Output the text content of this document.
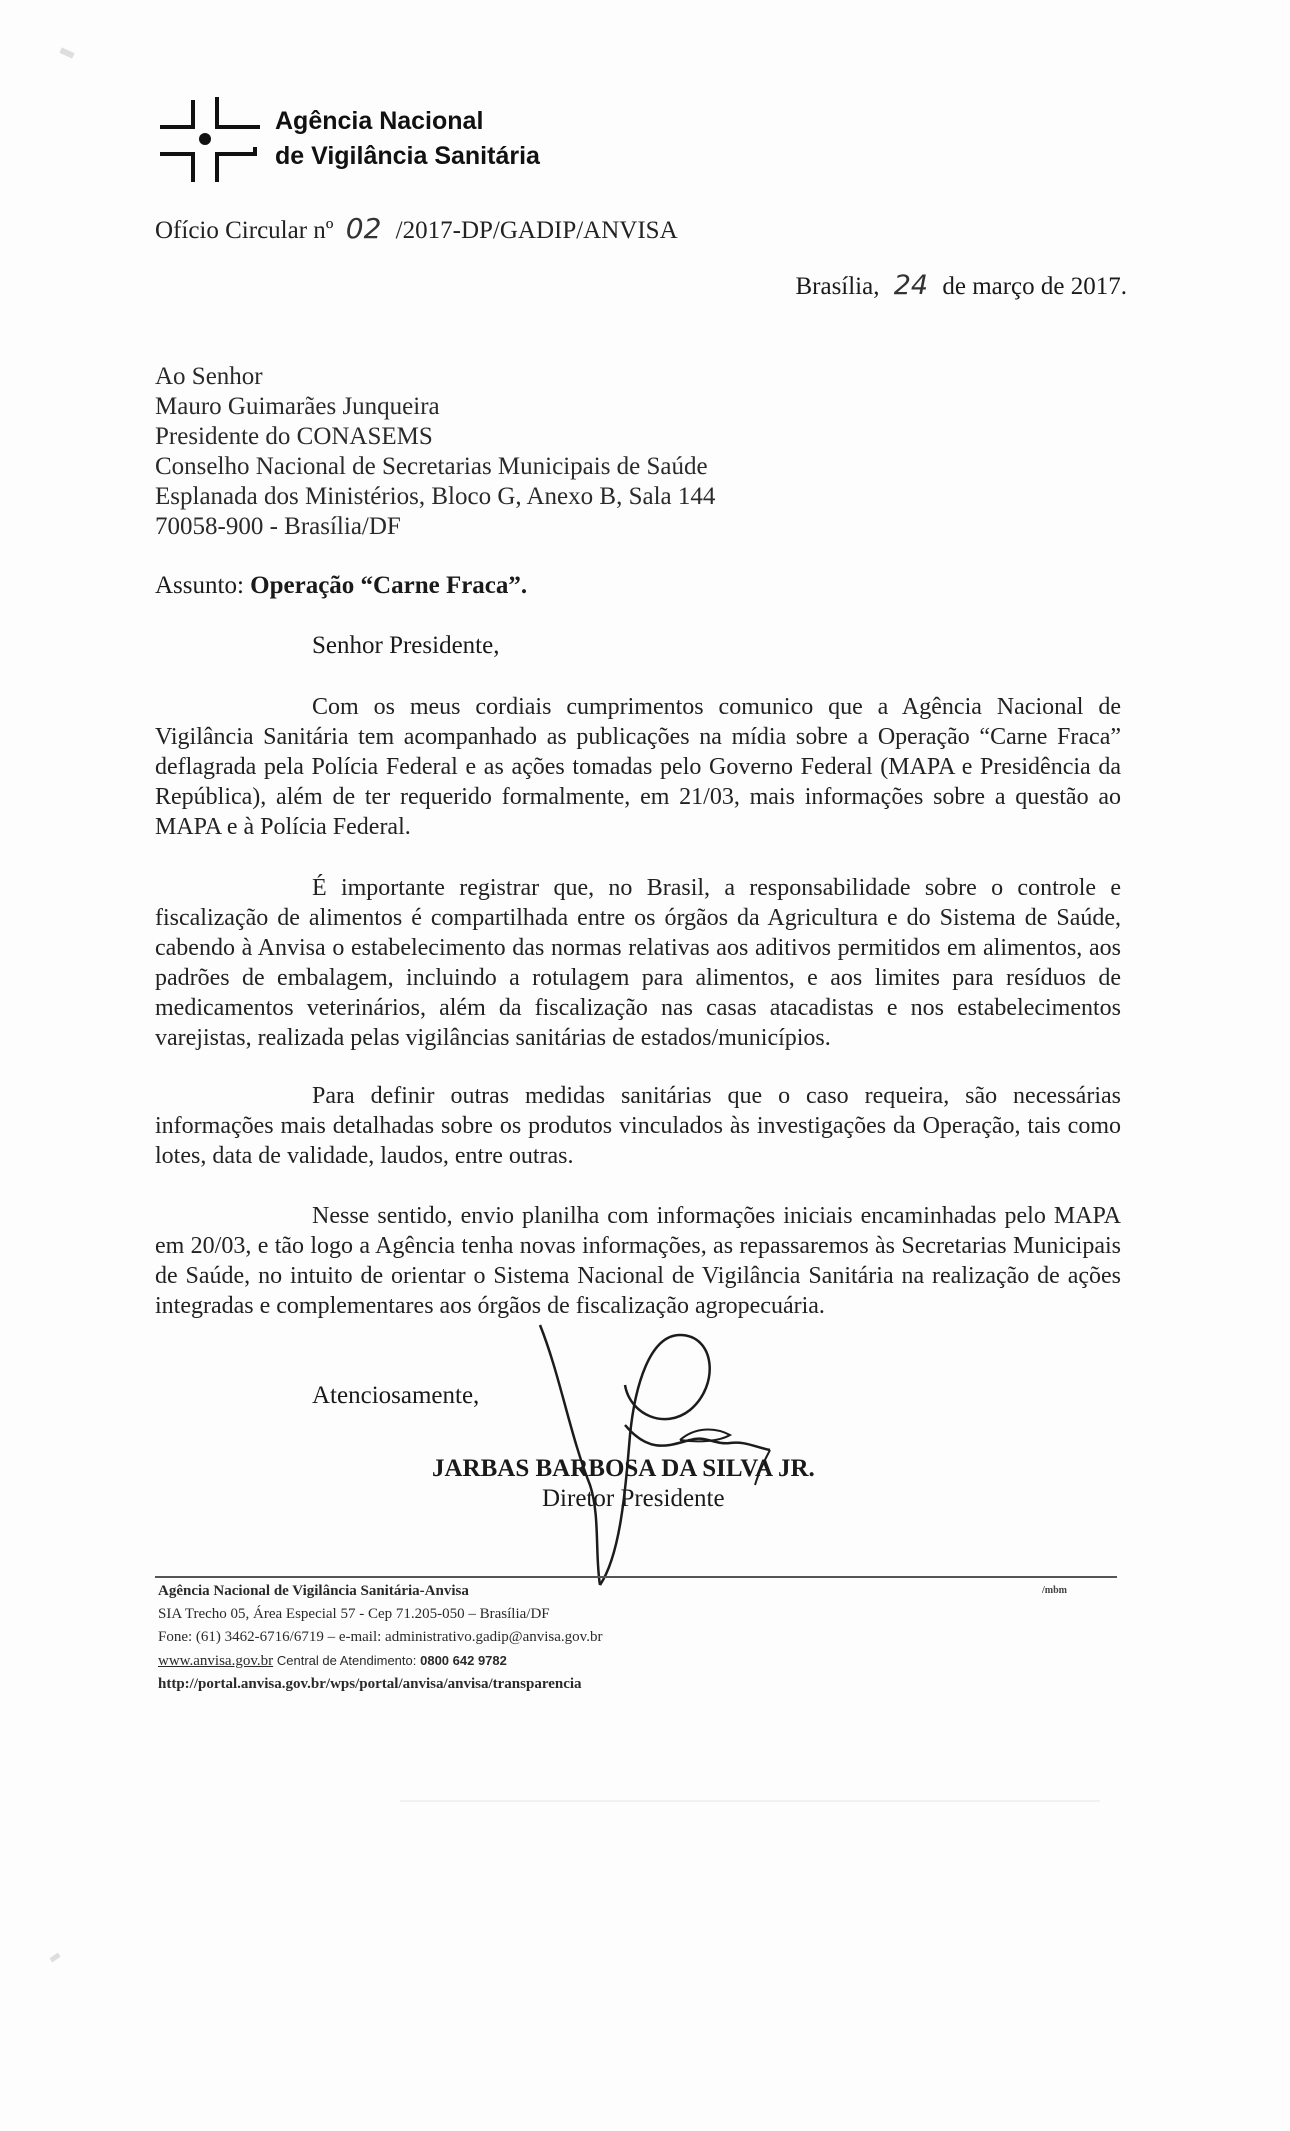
Agência Nacional
de Vigilância Sanitária
Ofício Circular nº 02 /2017-DP/GADIP/ANVISA
Brasília, 24 de março de 2017.
Ao Senhor
Mauro Guimarães Junqueira
Presidente do CONASEMS
Conselho Nacional de Secretarias Municipais de Saúde
Esplanada dos Ministérios, Bloco G, Anexo B, Sala 144
70058-900 - Brasília/DF
Assunto: Operação “Carne Fraca”.
Senhor Presidente,
Com os meus cordiais cumprimentos comunico que a Agência Nacional de Vigilância Sanitária tem acompanhado as publicações na mídia sobre a Operação “Carne Fraca” deflagrada pela Polícia Federal e as ações tomadas pelo Governo Federal (MAPA e Presidência da República), além de ter requerido formalmente, em 21/03, mais informações sobre a questão ao MAPA e à Polícia Federal.
É importante registrar que, no Brasil, a responsabilidade sobre o controle e fiscalização de alimentos é compartilhada entre os órgãos da Agricultura e do Sistema de Saúde, cabendo à Anvisa o estabelecimento das normas relativas aos aditivos permitidos em alimentos, aos padrões de embalagem, incluindo a rotulagem para alimentos, e aos limites para resíduos de medicamentos veterinários, além da fiscalização nas casas atacadistas e nos estabelecimentos varejistas, realizada pelas vigilâncias sanitárias de estados/municípios.
Para definir outras medidas sanitárias que o caso requeira, são necessárias informações mais detalhadas sobre os produtos vinculados às investigações da Operação, tais como lotes, data de validade, laudos, entre outras.
Nesse sentido, envio planilha com informações iniciais encaminhadas pelo MAPA em 20/03, e tão logo a Agência tenha novas informações, as repassaremos às Secretarias Municipais de Saúde, no intuito de orientar o Sistema Nacional de Vigilância Sanitária na realização de ações integradas e complementares aos órgãos de fiscalização agropecuária.
Atenciosamente,
JARBAS BARBOSA DA SILVA JR.
Diretor Presidente
/mbm
Agência Nacional de Vigilância Sanitária-Anvisa
SIA Trecho 05, Área Especial 57 - Cep 71.205-050 – Brasília/DF
Fone: (61) 3462-6716/6719 – e-mail: administrativo.gadip@anvisa.gov.br
www.anvisa.gov.br Central de Atendimento: 0800 642 9782
http://portal.anvisa.gov.br/wps/portal/anvisa/anvisa/transparencia
